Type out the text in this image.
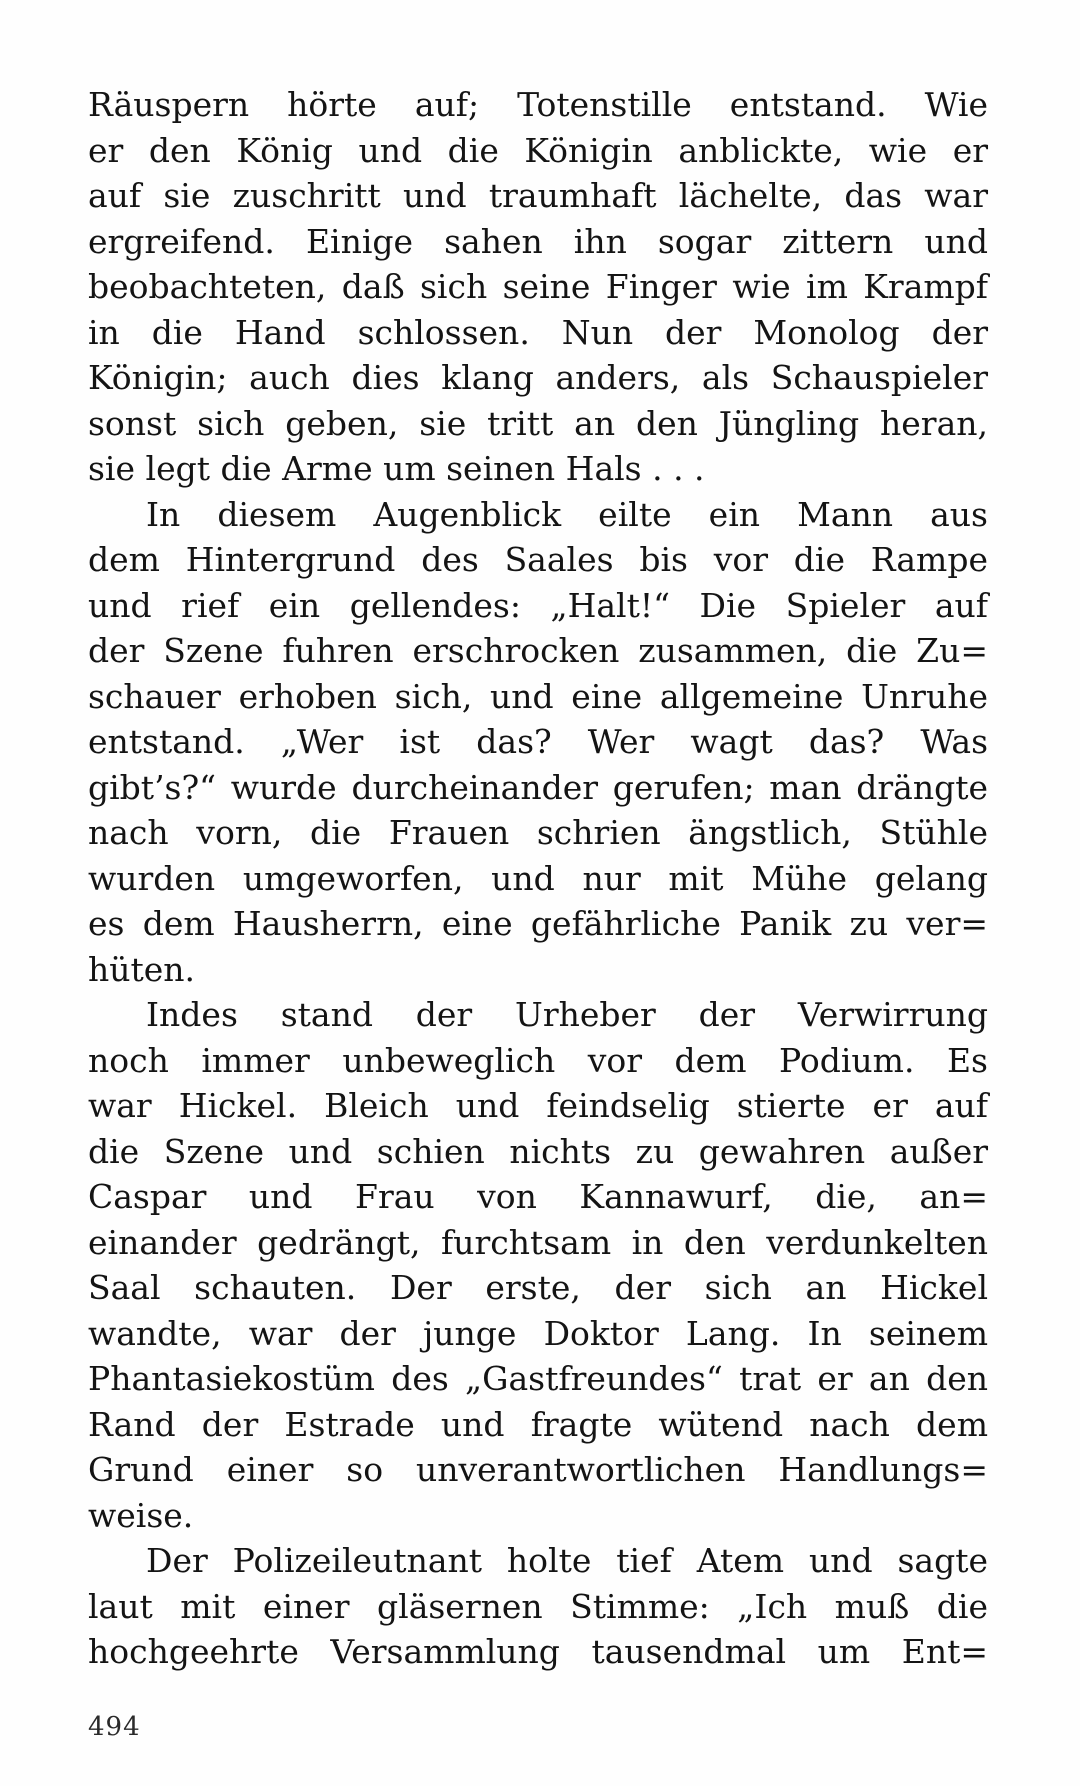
Räuspern hörte auf; Totenstille entstand. Wie
er den König und die Königin anblickte, wie er
auf sie zuschritt und traumhaft lächelte, das war
ergreifend. Einige sahen ihn sogar zittern und
beobachteten, daß sich seine Finger wie im Krampf
in die Hand schlossen. Nun der Monolog der
Königin; auch dies klang anders, als Schauspieler
sonst sich geben, sie tritt an den Jüngling heran,
sie legt die Arme um seinen Hals . . .
In diesem Augenblick eilte ein Mann aus
dem Hintergrund des Saales bis vor die Rampe
und rief ein gellendes: „Halt!“ Die Spieler auf
der Szene fuhren erschrocken zusammen, die Zu=
schauer erhoben sich, und eine allgemeine Unruhe
entstand. „Wer ist das? Wer wagt das? Was
gibt’s?“ wurde durcheinander gerufen; man drängte
nach vorn, die Frauen schrien ängstlich, Stühle
wurden umgeworfen, und nur mit Mühe gelang
es dem Hausherrn, eine gefährliche Panik zu ver=
hüten.
Indes stand der Urheber der Verwirrung
noch immer unbeweglich vor dem Podium. Es
war Hickel. Bleich und feindselig stierte er auf
die Szene und schien nichts zu gewahren außer
Caspar und Frau von Kannawurf, die, an=
einander gedrängt, furchtsam in den verdunkelten
Saal schauten. Der erste, der sich an Hickel
wandte, war der junge Doktor Lang. In seinem
Phantasiekostüm des „Gastfreundes“ trat er an den
Rand der Estrade und fragte wütend nach dem
Grund einer so unverantwortlichen Handlungs=
weise.
Der Polizeileutnant holte tief Atem und sagte
laut mit einer gläsernen Stimme: „Ich muß die
hochgeehrte Versammlung tausendmal um Ent=
494
